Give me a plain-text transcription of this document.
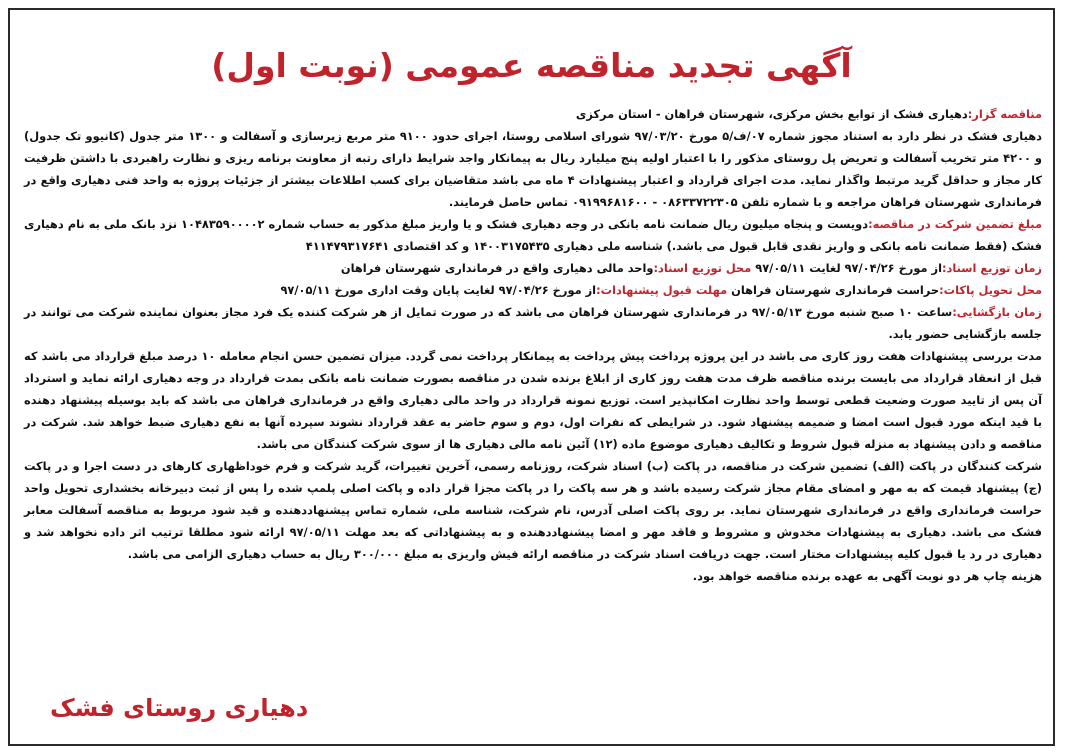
آگهی تجدید مناقصه عمومی (نوبت اول)

مناقصه گزار:دهیاری فشک از توابع بخش مرکزی، شهرستان فراهان - استان مرکزی

دهیاری فشک در نظر دارد به استناد مجوز شماره ۰۷/ف/۵ مورخ ۹۷/۰۳/۲۰ شورای اسلامی روستا، اجرای حدود ۹۱۰۰ متر مربع زیرسازی و آسفالت و ۱۳۰۰ متر جدول (کانیوو تک جدول) و ۴۲۰۰ متر تخریب آسفالت و تعریض پل روستای مذکور را با اعتبار اولیه پنج میلیارد ریال به پیمانکار واجد شرایط دارای رتبه از معاونت برنامه ریزی و نظارت راهبردی با داشتن ظرفیت کار مجاز و حداقل گرید مرتبط واگذار نماید. مدت اجرای قرارداد و اعتبار پیشنهادات ۴ ماه می باشد متقاضیان برای کسب اطلاعات بیشتر از جزئیات پروژه به واحد فنی دهیاری واقع در فرمانداری شهرستان فراهان مراجعه و با شماره تلفن ۰۸۶۳۳۷۲۲۳۰۵ - ۰۹۱۹۹۶۸۱۶۰۰ تماس حاصل فرمایند.

مبلغ تضمین شرکت در مناقصه:دویست و پنجاه میلیون ریال ضمانت نامه بانکی در وجه دهیاری فشک و یا واریز مبلغ مذکور به حساب شماره ۱۰۴۸۳۵۹۰۰۰۰۲ نزد بانک ملی به نام دهیاری فشک (فقط ضمانت نامه بانکی و واریز نقدی قابل قبول می باشد.) شناسه ملی دهیاری ۱۴۰۰۳۱۷۵۴۳۵ و کد اقتصادی ۴۱۱۴۷۹۳۱۷۶۴۱

زمان توزیع اسناد:از مورخ ۹۷/۰۴/۲۶ لغایت ۹۷/۰۵/۱۱ محل توزیع اسناد:واحد مالی دهیاری واقع در فرمانداری شهرستان فراهان

محل تحویل پاکات:حراست فرمانداری شهرستان فراهان مهلت قبول پیشنهادات:از مورخ ۹۷/۰۴/۲۶ لغایت پایان وقت اداری مورخ ۹۷/۰۵/۱۱

زمان بازگشایی:ساعت ۱۰ صبح شنبه مورخ ۹۷/۰۵/۱۳ در فرمانداری شهرستان فراهان می باشد که در صورت تمایل از هر شرکت کننده یک فرد مجاز بعنوان نماینده شرکت می توانند در جلسه بازگشایی حضور یابد.

مدت بررسی پیشنهادات هفت روز کاری می باشد در این پروژه پرداخت پیش پرداخت به پیمانکار پرداخت نمی گردد. میزان تضمین حسن انجام معامله ۱۰ درصد مبلغ قرارداد می باشد که قبل از انعقاد قرارداد می بایست برنده مناقصه ظرف مدت هفت روز کاری از ابلاغ برنده شدن در مناقصه بصورت ضمانت نامه بانکی بمدت قرارداد در وجه دهیاری ارائه نماید و استرداد آن پس از تایید صورت وضعیت قطعی توسط واحد نظارت امکانپذیر است. توزیع نمونه قرارداد در واحد مالی دهیاری واقع در فرمانداری فراهان می باشد که باید بوسیله پیشنهاد دهنده با قید اینکه مورد قبول است امضا و ضمیمه پیشنهاد شود. در شرایطی که نفرات اول، دوم و سوم حاضر به عقد قرارداد نشوند سپرده آنها به نفع دهیاری ضبط خواهد شد. شرکت در مناقصه و دادن پیشنهاد به منزله قبول شروط و تکالیف دهیاری موضوع ماده (۱۲) آئین نامه مالی دهیاری ها از سوی شرکت کنندگان می باشد.

شرکت کنندگان در پاکت (الف) تضمین شرکت در مناقصه، در پاکت (ب) اسناد شرکت، روزنامه رسمی، آخرین تغییرات، گرید شرکت و فرم خوداظهاری کارهای در دست اجرا و در پاکت (ج) پیشنهاد قیمت که به مهر و امضای مقام مجاز شرکت رسیده باشد و هر سه پاکت را در پاکت مجزا قرار داده و پاکت اصلی پلمپ شده را پس از ثبت دبیرخانه بخشداری تحویل واحد حراست فرمانداری واقع در فرمانداری شهرستان نماید. بر روی پاکت اصلی آدرس، نام شرکت، شناسه ملی، شماره تماس پیشنهاددهنده و قید شود مربوط به مناقصه آسفالت معابر فشک می باشد. دهیاری به پیشنهادات مخدوش و مشروط و فاقد مهر و امضا پیشنهاددهنده و به پیشنهاداتی که بعد مهلت ۹۷/۰۵/۱۱ ارائه شود مطلقا ترتیب اثر داده نخواهد شد و دهیاری در رد یا قبول کلیه پیشنهادات مختار است. جهت دریافت اسناد شرکت در مناقصه ارائه فیش واریزی به مبلغ ۳۰۰/۰۰۰ ریال به حساب دهیاری الزامی می باشد.

هزینه چاپ هر دو نوبت آگهی به عهده برنده مناقصه خواهد بود.

دهیاری روستای فشک
